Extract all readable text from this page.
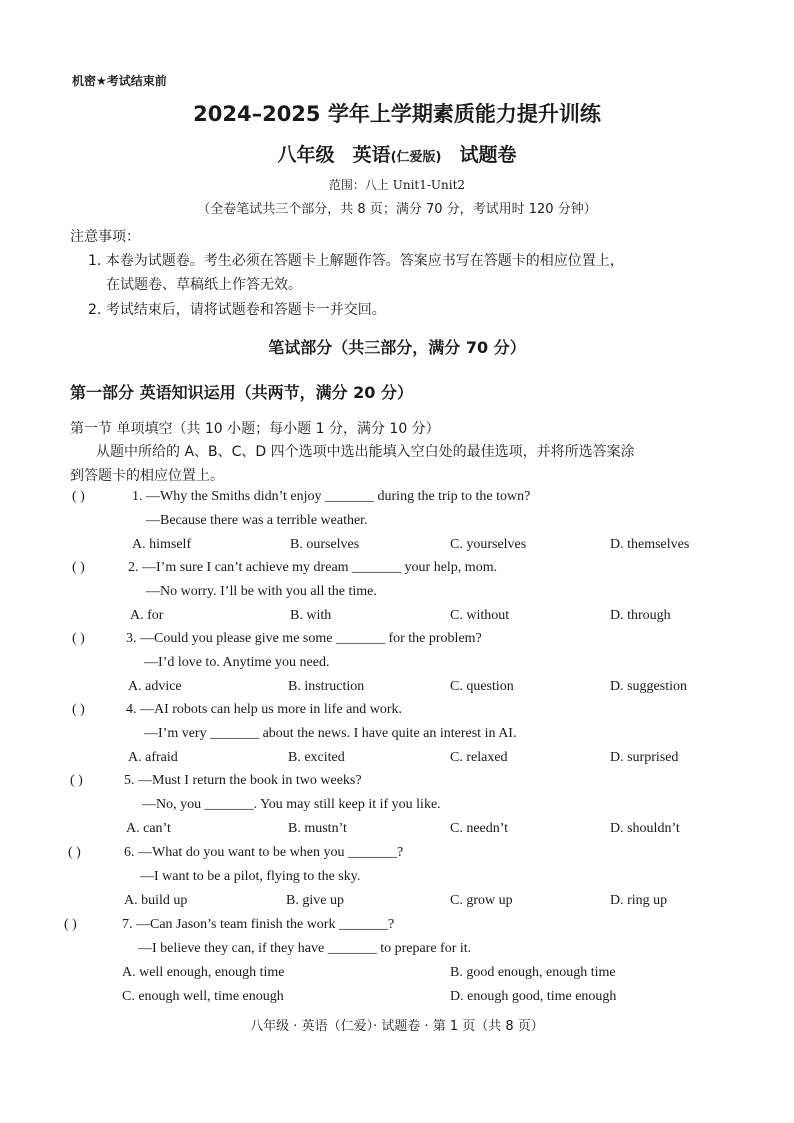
机密★考试结束前
2024–2025 学年上学期素质能力提升训练
八年级 英语(仁爱版) 试题卷
范围：八上 Unit1-Unit2
（全卷笔试共三个部分，共 8 页；满分 70 分，考试用时 120 分钟）
注意事项：
1. 本卷为试题卷。考生必须在答题卡上解题作答。答案应书写在答题卡的相应位置上，
在试题卷、草稿纸上作答无效。
2. 考试结束后，请将试题卷和答题卡一并交回。
笔试部分（共三部分，满分 70 分）
第一部分 英语知识运用（共两节，满分 20 分）
第一节 单项填空（共 10 小题；每小题 1 分，满分 10 分）
从题中所给的 A、B、C、D 四个选项中选出能填入空白处的最佳选项，并将所选答案涂
到答题卡的相应位置上。
( )	1. —Why the Smiths didn’t enjoy _______ during the trip to the town?
—Because there was a terrible weather.
A. himself	B. ourselves	C. yourselves	D. themselves
( )	2. —I’m sure I can’t achieve my dream _______ your help, mom.
—No worry. I’ll be with you all the time.
A. for	B. with	C. without	D. through
( )	3. —Could you please give me some _______ for the problem?
—I’d love to. Anytime you need.
A. advice	B. instruction	C. question	D. suggestion
( )	4. —AI robots can help us more in life and work.
—I’m very _______ about the news. I have quite an interest in AI.
A. afraid	B. excited	C. relaxed	D. surprised
( )	5. —Must I return the book in two weeks?
—No, you _______. You may still keep it if you like.
A. can’t	B. mustn’t	C. needn’t	D. shouldn’t
( )	6. —What do you want to be when you _______?
—I want to be a pilot, flying to the sky.
A. build up	B. give up	C. grow up	D. ring up
( )	7. —Can Jason’s team finish the work _______?
—I believe they can, if they have _______ to prepare for it.
A. well enough, enough time	B. good enough, enough time
C. enough well, time enough	D. enough good, time enough
八年级 · 英语（仁爱）· 试题卷 · 第 1 页（共 8 页）
